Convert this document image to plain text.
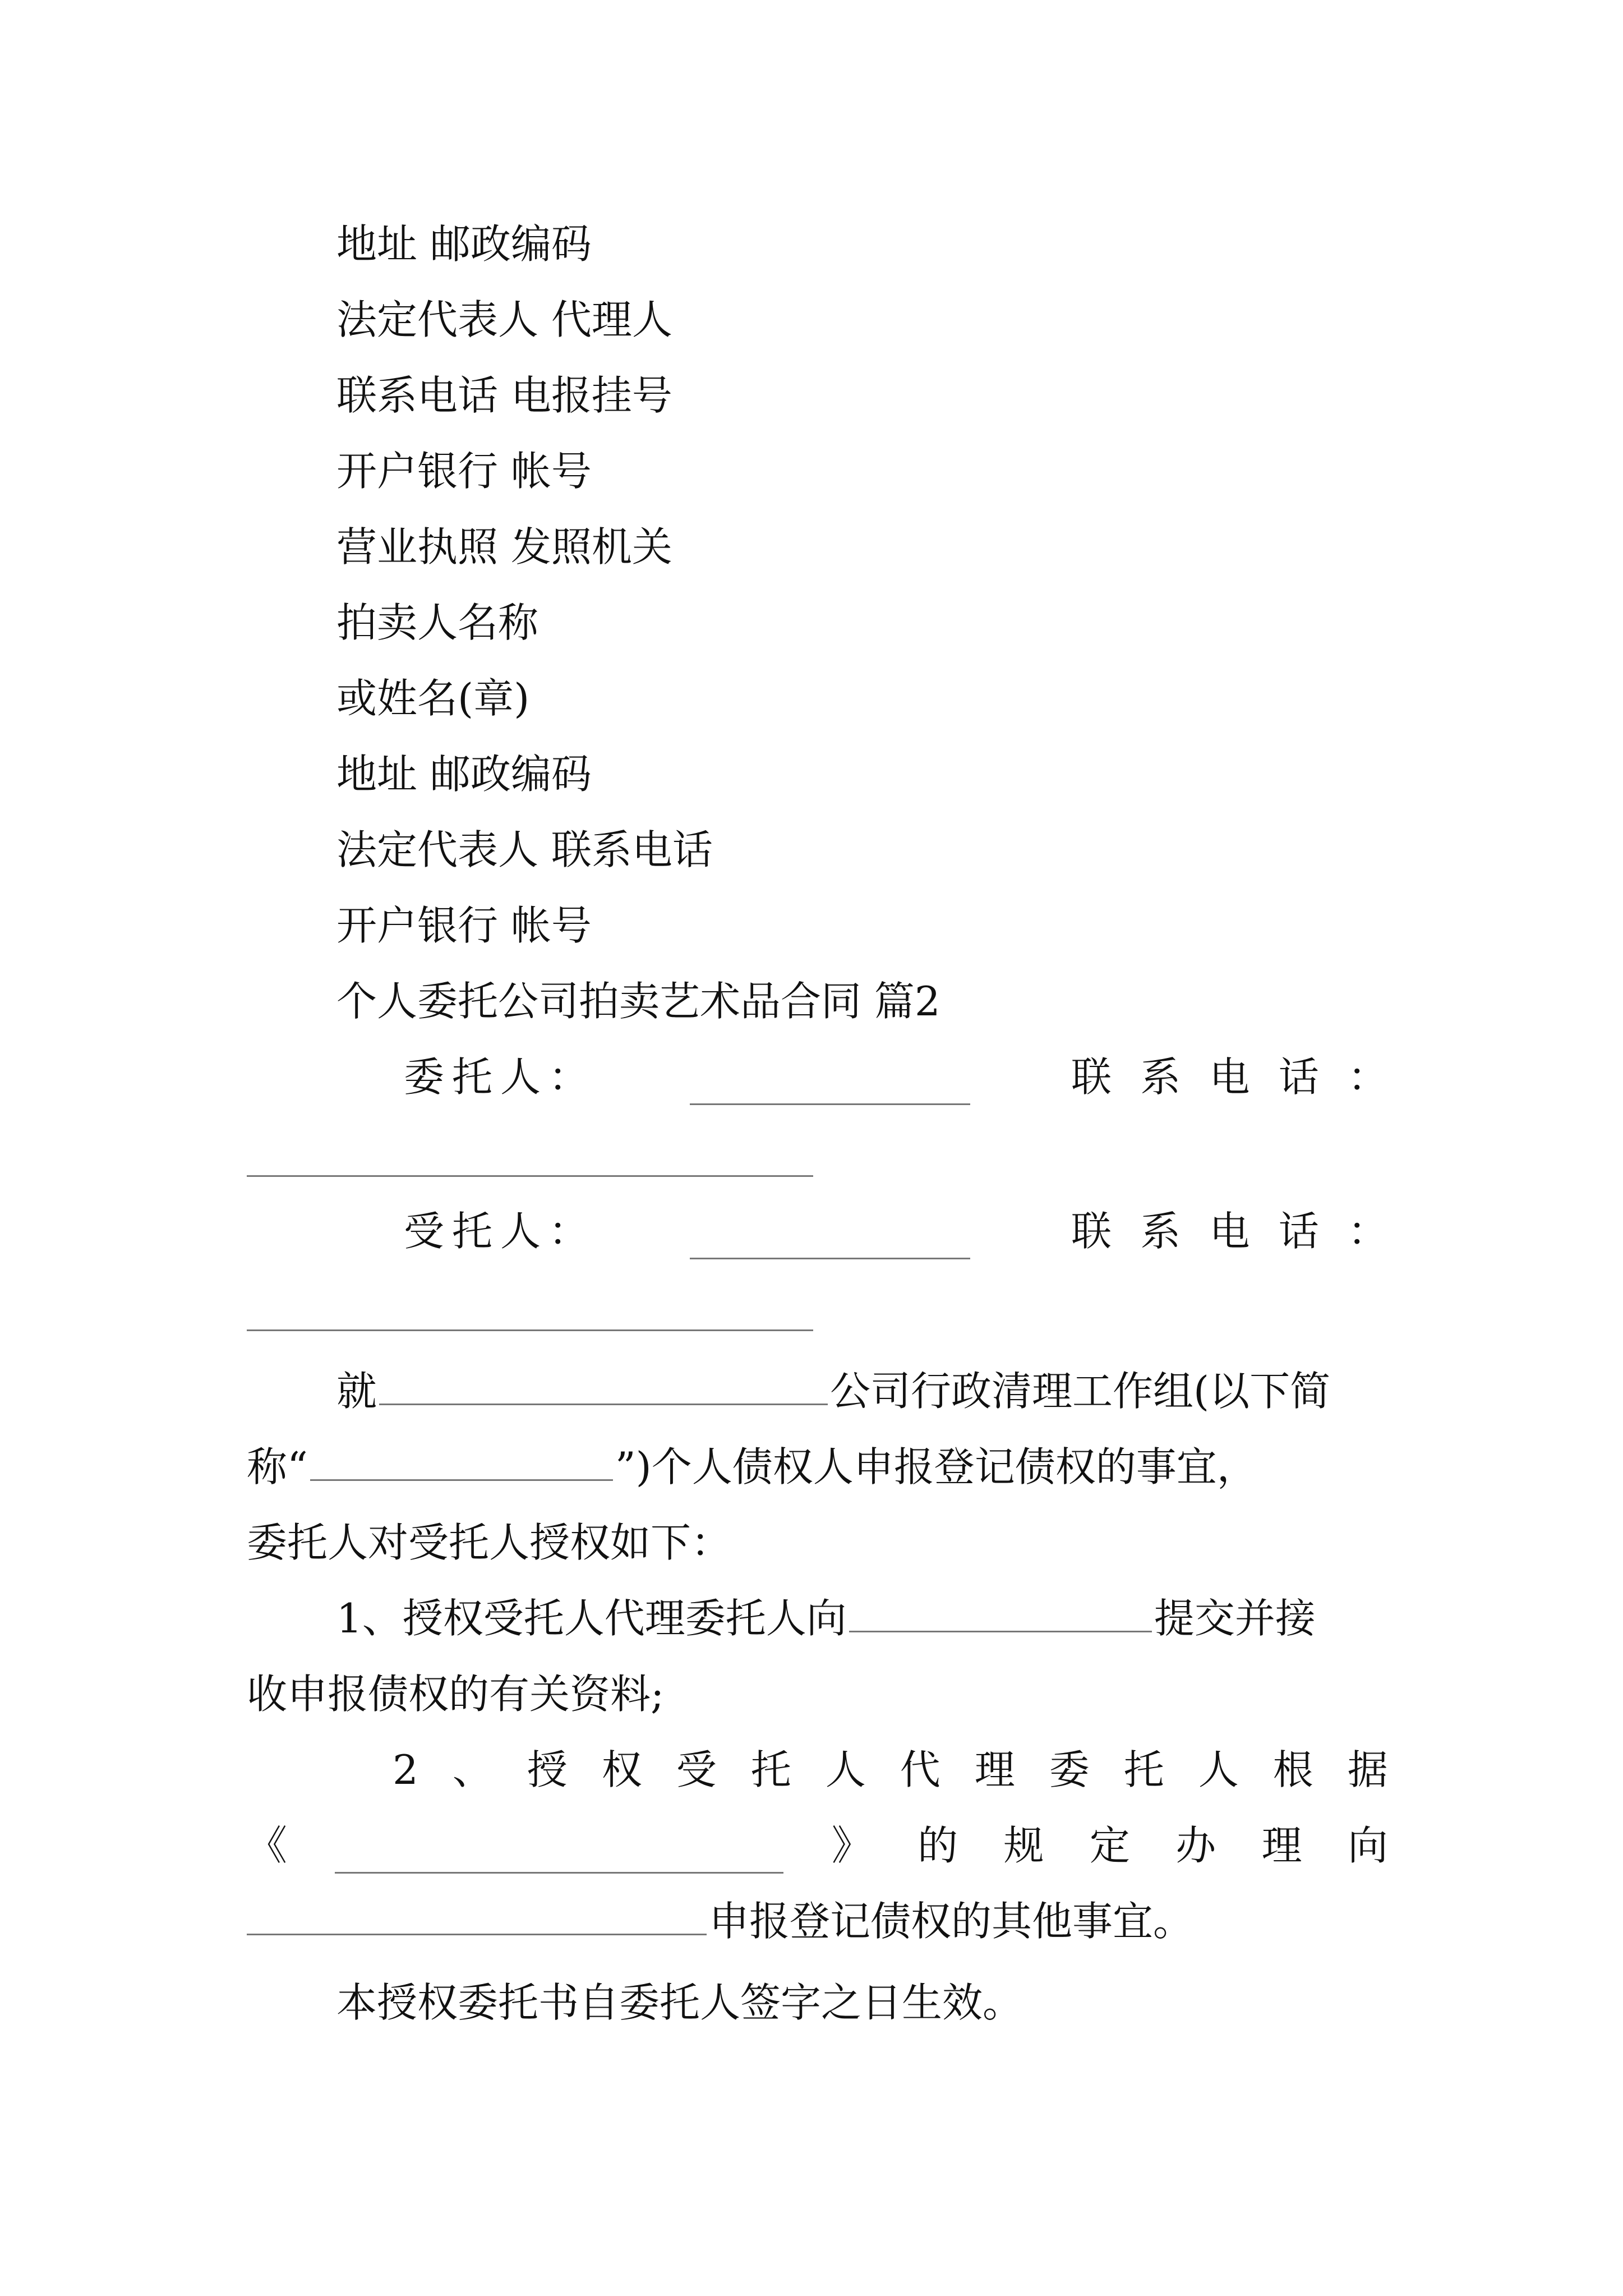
地址 邮政编码
法定代表人 代理人
联系电话 电报挂号
开户银行 帐号
营业执照 发照机关
拍卖人名称
或姓名(章)
地址 邮政编码
法定代表人 联系电话
开户银行 帐号
个人委托公司拍卖艺术品合同 篇2
委 托 人 ：	联 系 电 话 ：
受 托 人 ：	联 系 电 话 ：
就	公司行政清理工作组(以下简
称“	”)个人债权人申报登记债权的事宜，
委托人对受托人授权如下：
1、授权受托人代理委托人向	提交并接
收申报债权的有关资料;
2 、 授 权 受 托 人 代 理 委 托 人 根 据
《	》 的 规 定 办 理 向
申报登记债权的其他事宜。
本授权委托书自委托人签字之日生效。
